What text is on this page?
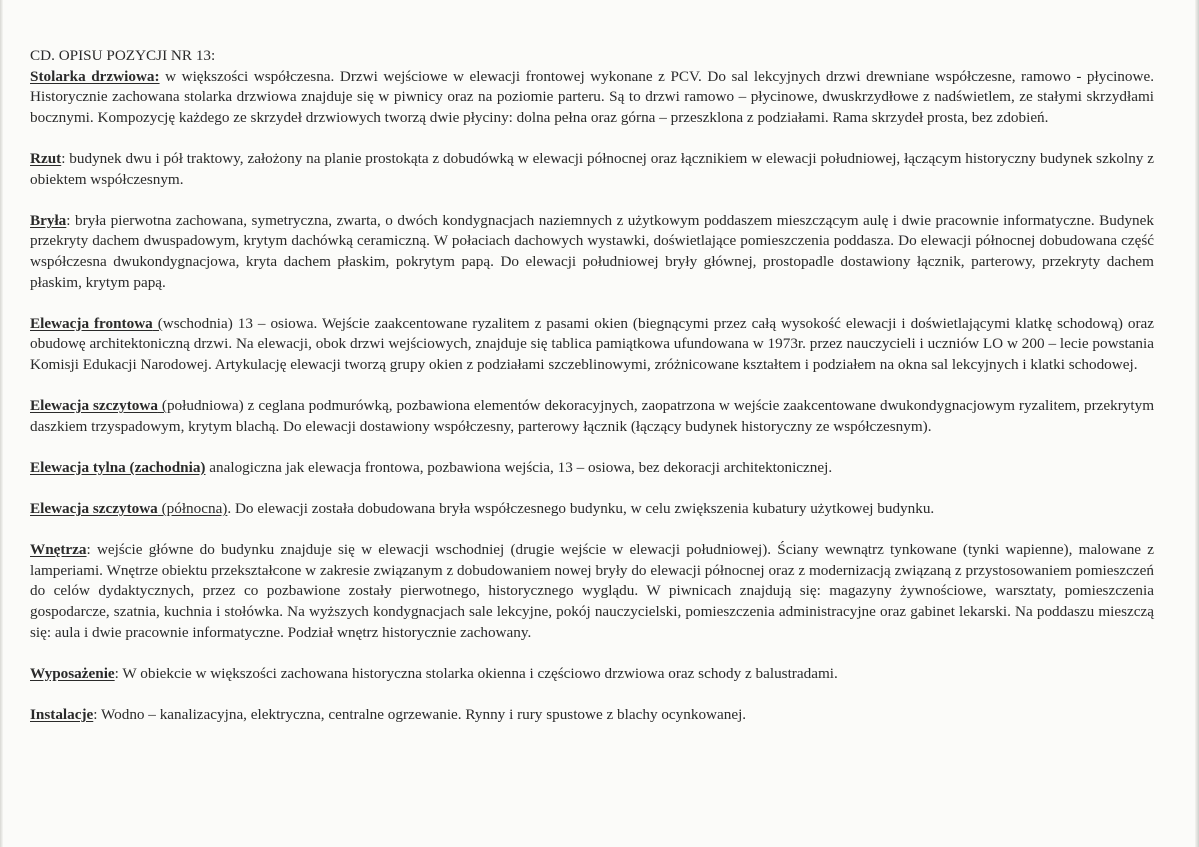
CD. OPISU POZYCJI NR 13:

Stolarka drzwiowa: w większości współczesna. Drzwi wejściowe w elewacji frontowej wykonane z PCV. Do sal lekcyjnych drzwi drewniane współczesne, ramowo - płycinowe. Historycznie zachowana stolarka drzwiowa znajduje się w piwnicy oraz na poziomie parteru. Są to drzwi ramowo – płycinowe, dwuskrzydłowe z nadświetlem, ze stałymi skrzydłami bocznymi. Kompozycję każdego ze skrzydeł drzwiowych tworzą dwie płyciny: dolna pełna oraz górna – przeszklona z podziałami. Rama skrzydeł prosta, bez zdobień.

Rzut: budynek dwu i pół traktowy, założony na planie prostokąta z dobudówką w elewacji północnej oraz łącznikiem w elewacji południowej, łączącym historyczny budynek szkolny z obiektem współczesnym.

Bryła: bryła pierwotna zachowana, symetryczna, zwarta, o dwóch kondygnacjach naziemnych z użytkowym poddaszem mieszczącym aulę i dwie pracownie informatyczne. Budynek przekryty dachem dwuspadowym, krytym dachówką ceramiczną. W połaciach dachowych wystawki, doświetlające pomieszczenia poddasza. Do elewacji północnej dobudowana część współczesna dwukondygnacjowa, kryta dachem płaskim, pokrytym papą. Do elewacji południowej bryły głównej, prostopadle dostawiony łącznik, parterowy, przekryty dachem płaskim, krytym papą.

Elewacja frontowa (wschodnia) 13 – osiowa. Wejście zaakcentowane ryzalitem z pasami okien (biegnącymi przez całą wysokość elewacji i doświetlającymi klatkę schodową) oraz obudowę architektoniczną drzwi. Na elewacji, obok drzwi wejściowych, znajduje się tablica pamiątkowa ufundowana w 1973r. przez nauczycieli i uczniów LO w 200 – lecie powstania Komisji Edukacji Narodowej. Artykulację elewacji tworzą grupy okien z podziałami szczeblinowymi, zróżnicowane kształtem i podziałem na okna sal lekcyjnych i klatki schodowej.

Elewacja szczytowa (południowa) z ceglana podmurówką, pozbawiona elementów dekoracyjnych, zaopatrzona w wejście zaakcentowane dwukondygnacjowym ryzalitem, przekrytym daszkiem trzyspadowym, krytym blachą. Do elewacji dostawiony współczesny, parterowy łącznik (łączący budynek historyczny ze współczesnym).

Elewacja tylna (zachodnia) analogiczna jak elewacja frontowa, pozbawiona wejścia, 13 – osiowa, bez dekoracji architektonicznej.

Elewacja szczytowa (północna). Do elewacji została dobudowana bryła współczesnego budynku, w celu zwiększenia kubatury użytkowej budynku.

Wnętrza: wejście główne do budynku znajduje się w elewacji wschodniej (drugie wejście w elewacji południowej). Ściany wewnątrz tynkowane (tynki wapienne), malowane z lamperiami. Wnętrze obiektu przekształcone w zakresie związanym z dobudowaniem nowej bryły do elewacji północnej oraz z modernizacją związaną z przystosowaniem pomieszczeń do celów dydaktycznych, przez co pozbawione zostały pierwotnego, historycznego wyglądu. W piwnicach znajdują się: magazyny żywnościowe, warsztaty, pomieszczenia gospodarcze, szatnia, kuchnia i stołówka. Na wyższych kondygnacjach sale lekcyjne, pokój nauczycielski, pomieszczenia administracyjne oraz gabinet lekarski. Na poddaszu mieszczą się: aula i dwie pracownie informatyczne. Podział wnętrz historycznie zachowany.

Wyposażenie: W obiekcie w większości zachowana historyczna stolarka okienna i częściowo drzwiowa oraz schody z balustradami.

Instalacje: Wodno – kanalizacyjna, elektryczna, centralne ogrzewanie. Rynny i rury spustowe z blachy ocynkowanej.
